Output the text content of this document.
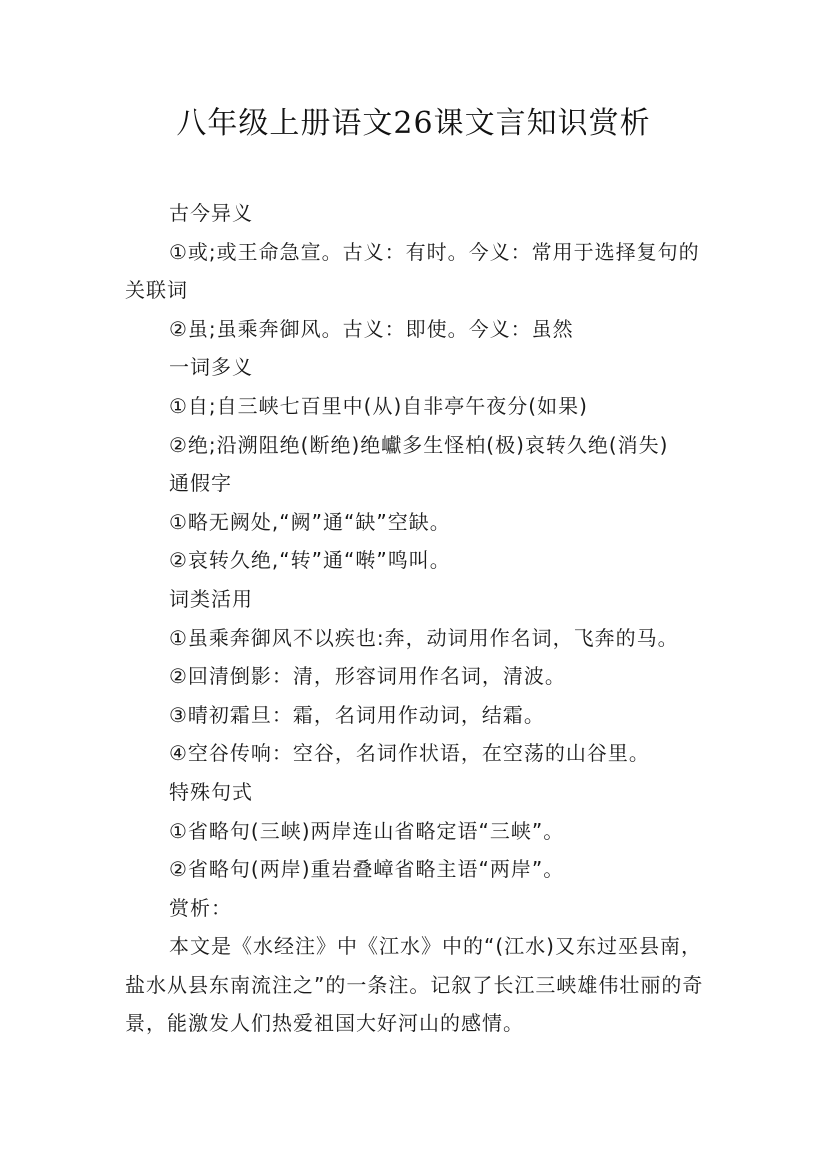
八年级上册语文26课文言知识赏析

古今异义

①或;或王命急宣。古义：有时。今义：常用于选择复句的关联词

②虽;虽乘奔御风。古义：即使。今义：虽然

一词多义

①自;自三峡七百里中(从)自非亭午夜分(如果)

②绝;沿溯阻绝(断绝)绝巘多生怪柏(极)哀转久绝(消失)

通假字

①略无阙处,“阙”通“缺”空缺。

②哀转久绝,“转”通“啭”鸣叫。

词类活用

①虽乘奔御风不以疾也:奔，动词用作名词，飞奔的马。

②回清倒影：清，形容词用作名词，清波。

③晴初霜旦：霜，名词用作动词，结霜。

④空谷传响：空谷，名词作状语，在空荡的山谷里。

特殊句式

①省略句(三峡)两岸连山省略定语“三峡”。

②省略句(两岸)重岩叠嶂省略主语“两岸”。

赏析：

本文是《水经注》中《江水》中的“(江水)又东过巫县南，盐水从县东南流注之”的一条注。记叙了长江三峡雄伟壮丽的奇景，能激发人们热爱祖国大好河山的感情。
